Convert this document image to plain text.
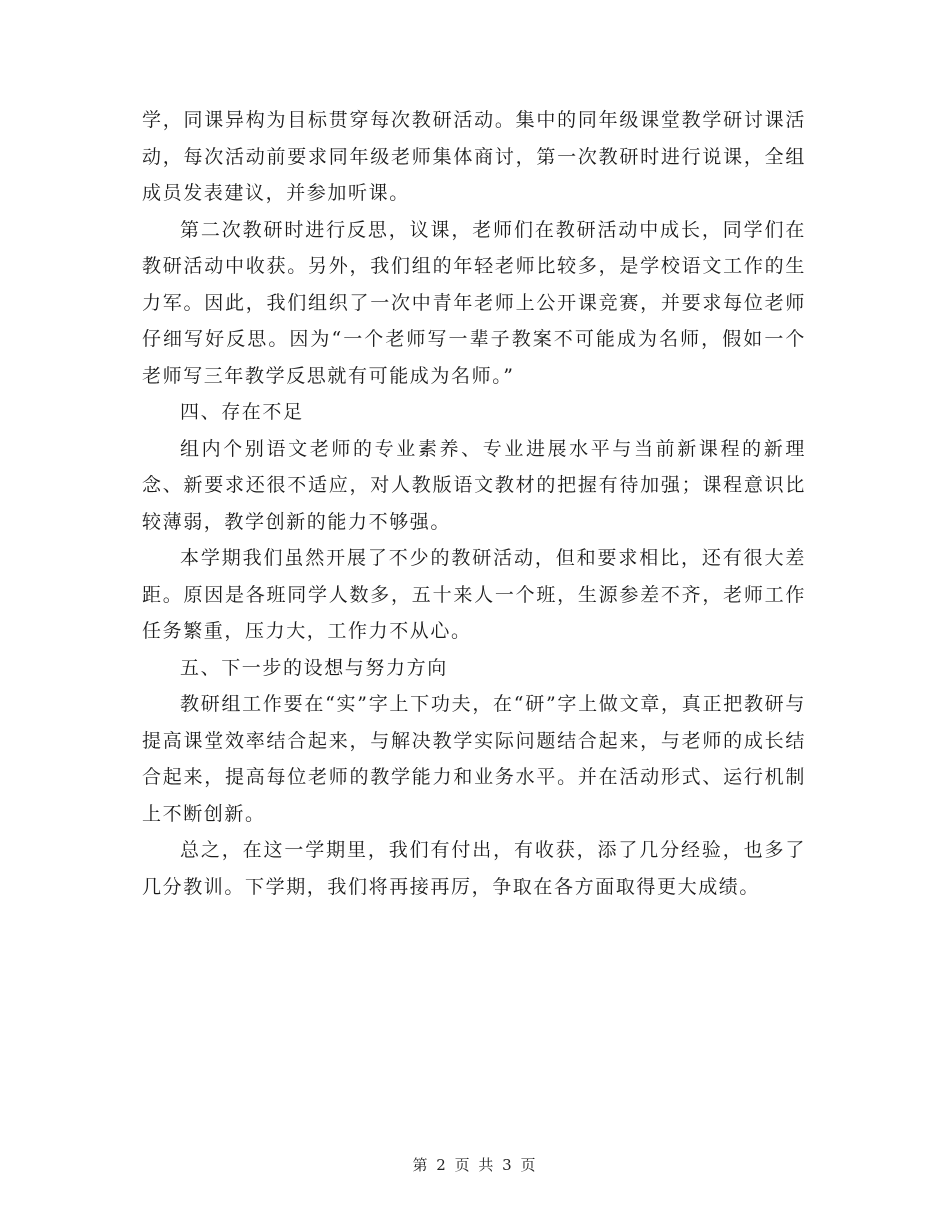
学，同课异构为目标贯穿每次教研活动。集中的同年级课堂教学研讨课活动，每次活动前要求同年级老师集体商讨，第一次教研时进行说课，全组成员发表建议，并参加听课。

第二次教研时进行反思，议课，老师们在教研活动中成长，同学们在教研活动中收获。另外，我们组的年轻老师比较多，是学校语文工作的生力军。因此，我们组织了一次中青年老师上公开课竞赛，并要求每位老师仔细写好反思。因为“一个老师写一辈子教案不可能成为名师，假如一个老师写三年教学反思就有可能成为名师。”

四、存在不足

组内个别语文老师的专业素养、专业进展水平与当前新课程的新理念、新要求还很不适应，对人教版语文教材的把握有待加强；课程意识比较薄弱，教学创新的能力不够强。

本学期我们虽然开展了不少的教研活动，但和要求相比，还有很大差距。原因是各班同学人数多，五十来人一个班，生源参差不齐，老师工作任务繁重，压力大，工作力不从心。

五、下一步的设想与努力方向

教研组工作要在“实”字上下功夫，在“研”字上做文章，真正把教研与提高课堂效率结合起来，与解决教学实际问题结合起来，与老师的成长结合起来，提高每位老师的教学能力和业务水平。并在活动形式、运行机制上不断创新。

总之，在这一学期里，我们有付出，有收获，添了几分经验，也多了几分教训。下学期，我们将再接再厉，争取在各方面取得更大成绩。

第 2 页 共 3 页
